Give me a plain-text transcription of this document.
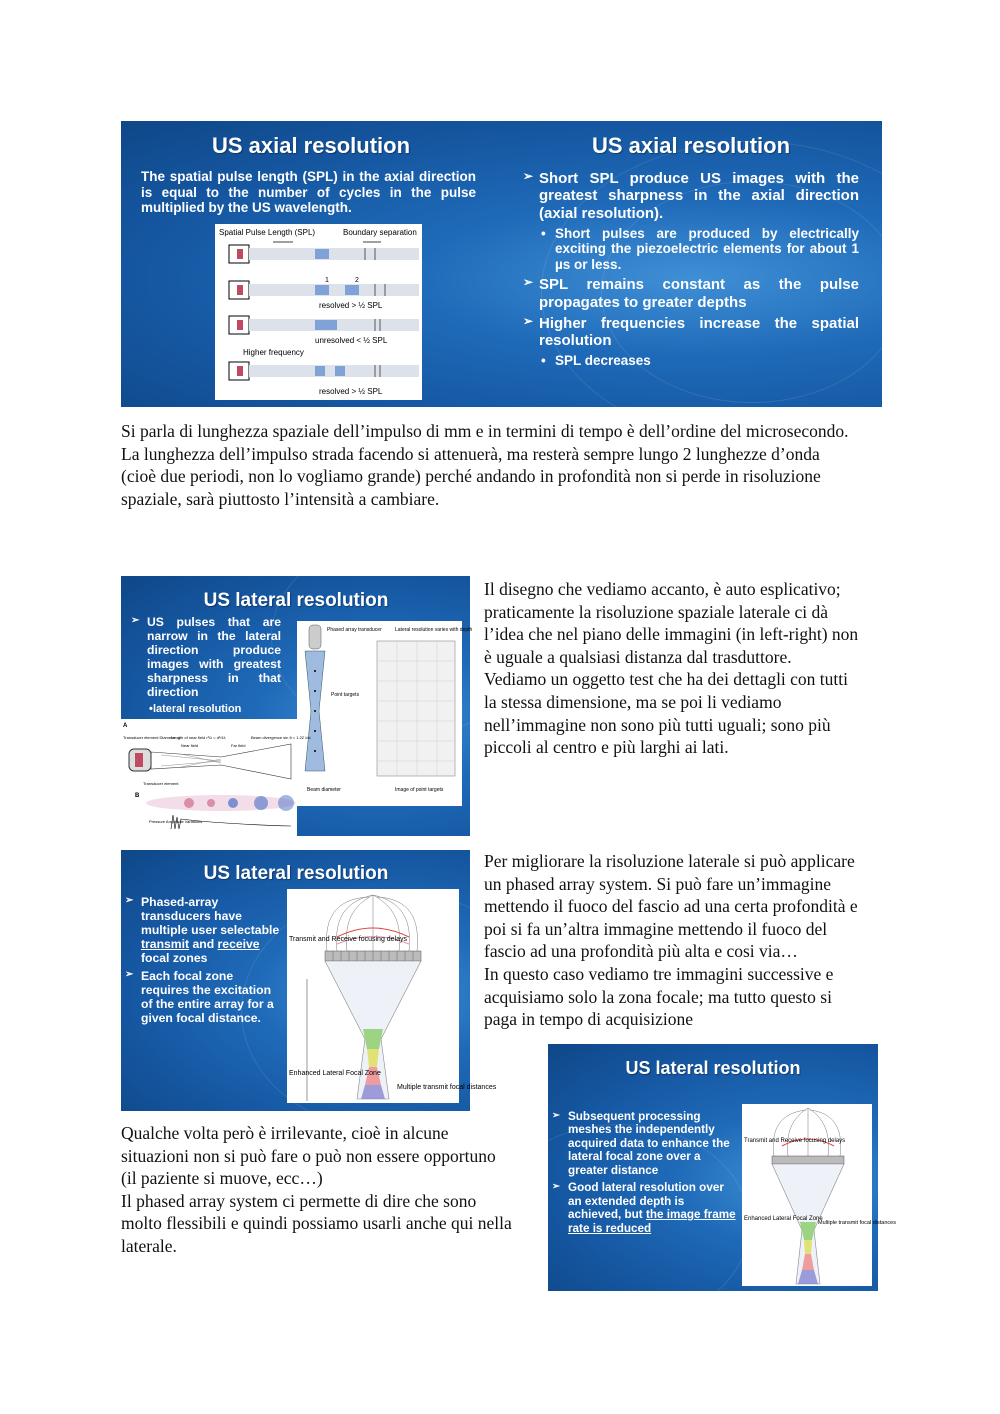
US axial resolution
The spatial pulse length (SPL) in the axial direction is equal to the number of cycles in the pulse multiplied by the US wavelength.
Spatial Pulse Length (SPL)	Boundary separation
1	2
resolved > ½ SPL
unresolved < ½ SPL
Higher frequency
resolved > ½ SPL
US axial resolution
➢ Short SPL produce US images with the greatest sharpness in the axial direction (axial resolution).
• Short pulses are produced by electrically exciting the piezoelectric elements for about 1 µs or less.
➢ SPL remains constant as the pulse propagates to greater depths
➢ Higher frequencies increase the spatial resolution
• SPL decreases

Si parla di lunghezza spaziale dell’impulso di mm e in termini di tempo è dell’ordine del microsecondo. La lunghezza dell’impulso strada facendo si attenuerà, ma resterà sempre lungo 2 lunghezze d’onda (cioè due periodi, non lo vogliamo grande) perché andando in profondità non si perde in risoluzione spaziale, sarà piuttosto l’intensità a cambiare.

US lateral resolution
➢ US pulses that are narrow in the lateral direction produce images with greatest sharpness in that direction
• lateral resolution
Phased array transducer	Lateral resolution varies with depth
Point targets
Beam diameter	Image of point targets
A
Transducer element Diameter, d
Length of near field r²/λ = d²/4λ	Beam divergence sin θ = 1.22 λ/d
Near field	Far field
Transducer element
B
Pressure Amplitude Variations

Il disegno che vediamo accanto, è auto esplicativo;

praticamente la risoluzione spaziale laterale ci dà

l’idea che nel piano delle immagini (in left-right) non

è uguale a qualsiasi distanza dal trasduttore.

Vediamo un oggetto test che ha dei dettagli con tutti

la stessa dimensione, ma se poi li vediamo

nell’immagine non sono più tutti uguali; sono più

piccoli al centro e più larghi ai lati.

US lateral resolution
➢ Phased-array transducers have multiple user selectable transmit and receive focal zones
➢ Each focal zone requires the excitation of the entire array for a given focal distance.
Transmit and Receive focusing delays
Enhanced Lateral Focal Zone
Multiple transmit focal distances

Per migliorare la risoluzione laterale si può applicare

un phased array system. Si può fare un’immagine

mettendo il fuoco del fascio ad una certa profondità e

poi si fa un’altra immagine mettendo il fuoco del

fascio ad una profondità più alta e cosi via…

In questo caso vediamo tre immagini successive e

acquisiamo solo la zona focale; ma tutto questo si

paga in tempo di acquisizione

US lateral resolution
➢ Subsequent processing meshes the independently acquired data to enhance the lateral focal zone over a greater distance
➢ Good lateral resolution over an extended depth is achieved, but the image frame rate is reduced
Transmit and Receive focusing delays
Enhanced Lateral Focal Zone
Multiple transmit focal distances

Qualche volta però è irrilevante, cioè in alcune

situazioni non si può fare o può non essere opportuno

(il paziente si muove, ecc…)

Il phased array system ci permette di dire che sono

molto flessibili e quindi possiamo usarli anche qui nella

laterale.
